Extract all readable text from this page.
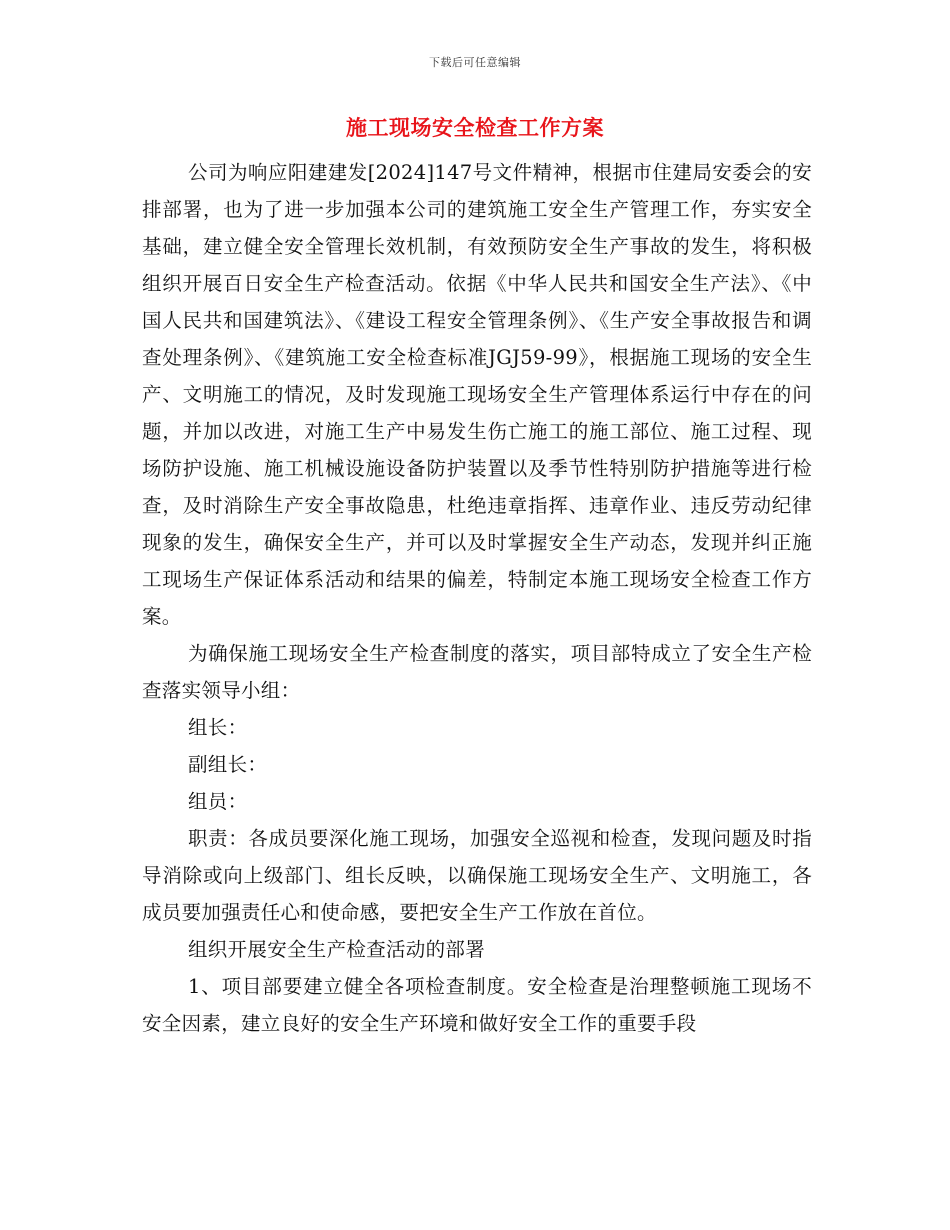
下载后可任意编辑
施工现场安全检查工作方案

公司为响应阳建建发[2024]147号文件精神，根据市住建局安委会的安排部署，也为了进一步加强本公司的建筑施工安全生产管理工作，夯实安全基础，建立健全安全管理长效机制，有效预防安全生产事故的发生，将积极组织开展百日安全生产检查活动。依据《中华人民共和国安全生产法》、《中国人民共和国建筑法》、《建设工程安全管理条例》、《生产安全事故报告和调查处理条例》、《建筑施工安全检查标准JGJ59-99》，根据施工现场的安全生产、文明施工的情况，及时发现施工现场安全生产管理体系运行中存在的问题，并加以改进，对施工生产中易发生伤亡施工的施工部位、施工过程、现场防护设施、施工机械设施设备防护装置以及季节性特别防护措施等进行检查，及时消除生产安全事故隐患，杜绝违章指挥、违章作业、违反劳动纪律现象的发生，确保安全生产，并可以及时掌握安全生产动态，发现并纠正施工现场生产保证体系活动和结果的偏差，特制定本施工现场安全检查工作方案。

为确保施工现场安全生产检查制度的落实，项目部特成立了安全生产检查落实领导小组：

组长：

副组长：

组员：

职责：各成员要深化施工现场，加强安全巡视和检查，发现问题及时指导消除或向上级部门、组长反映，以确保施工现场安全生产、文明施工，各成员要加强责任心和使命感，要把安全生产工作放在首位。

组织开展安全生产检查活动的部署

1、项目部要建立健全各项检查制度。安全检查是治理整顿施工现场不安全因素，建立良好的安全生产环境和做好安全工作的重要手段
